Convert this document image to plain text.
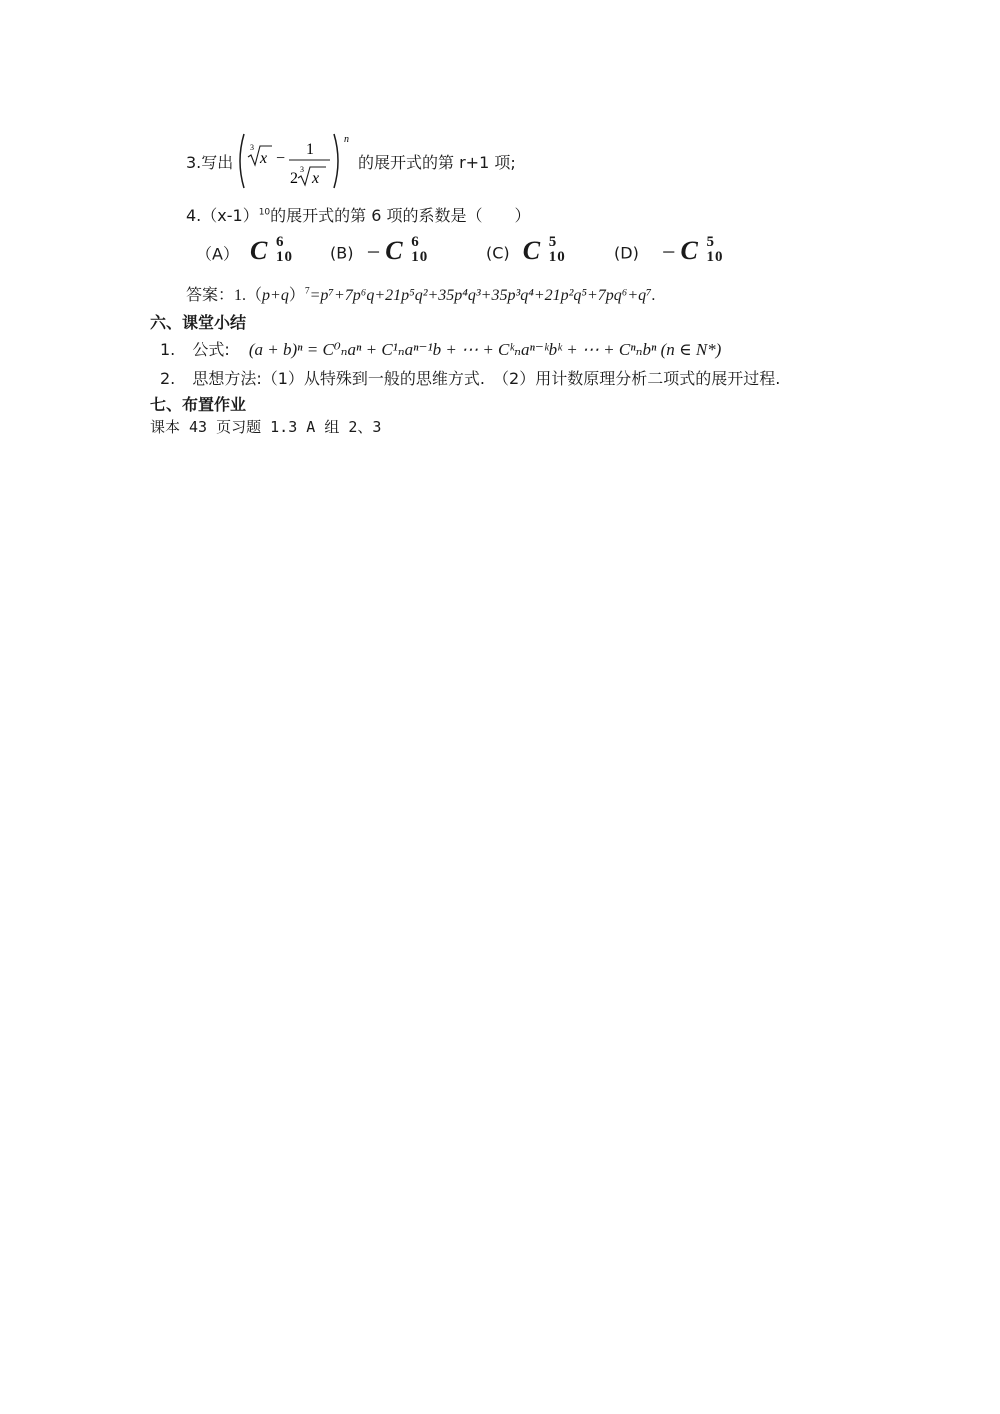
3.写出
3
x −
1
2
3
x
n
的展开式的第 r+1 项;
$4.(x-1)^{10}$的展开式的第 6 项的系数是（　　）
（A） C 6
10 (B) − C 6
10	(C) C 5
10	(D) − C 5
10
答案：$1.(p+q)^7=p^7+7p^6q+21p^5q^2+35p^4q^3+35p^3q^4+21p^2q^5+7pq^6+q^7$.
六、课堂小结
1. 公式: (a + b)ⁿ = C⁰ₙaⁿ + C¹ₙaⁿ⁻¹b + ⋯ + Cᵏₙaⁿ⁻ᵏbᵏ + ⋯ + Cⁿₙbⁿ (n ∈ N*)
2. 思想方法:（1）从特殊到一般的思维方式.　（2）用计数原理分析二项式的展开过程.
七、布置作业
课本 43 页习题 1.3 A 组 2、3
